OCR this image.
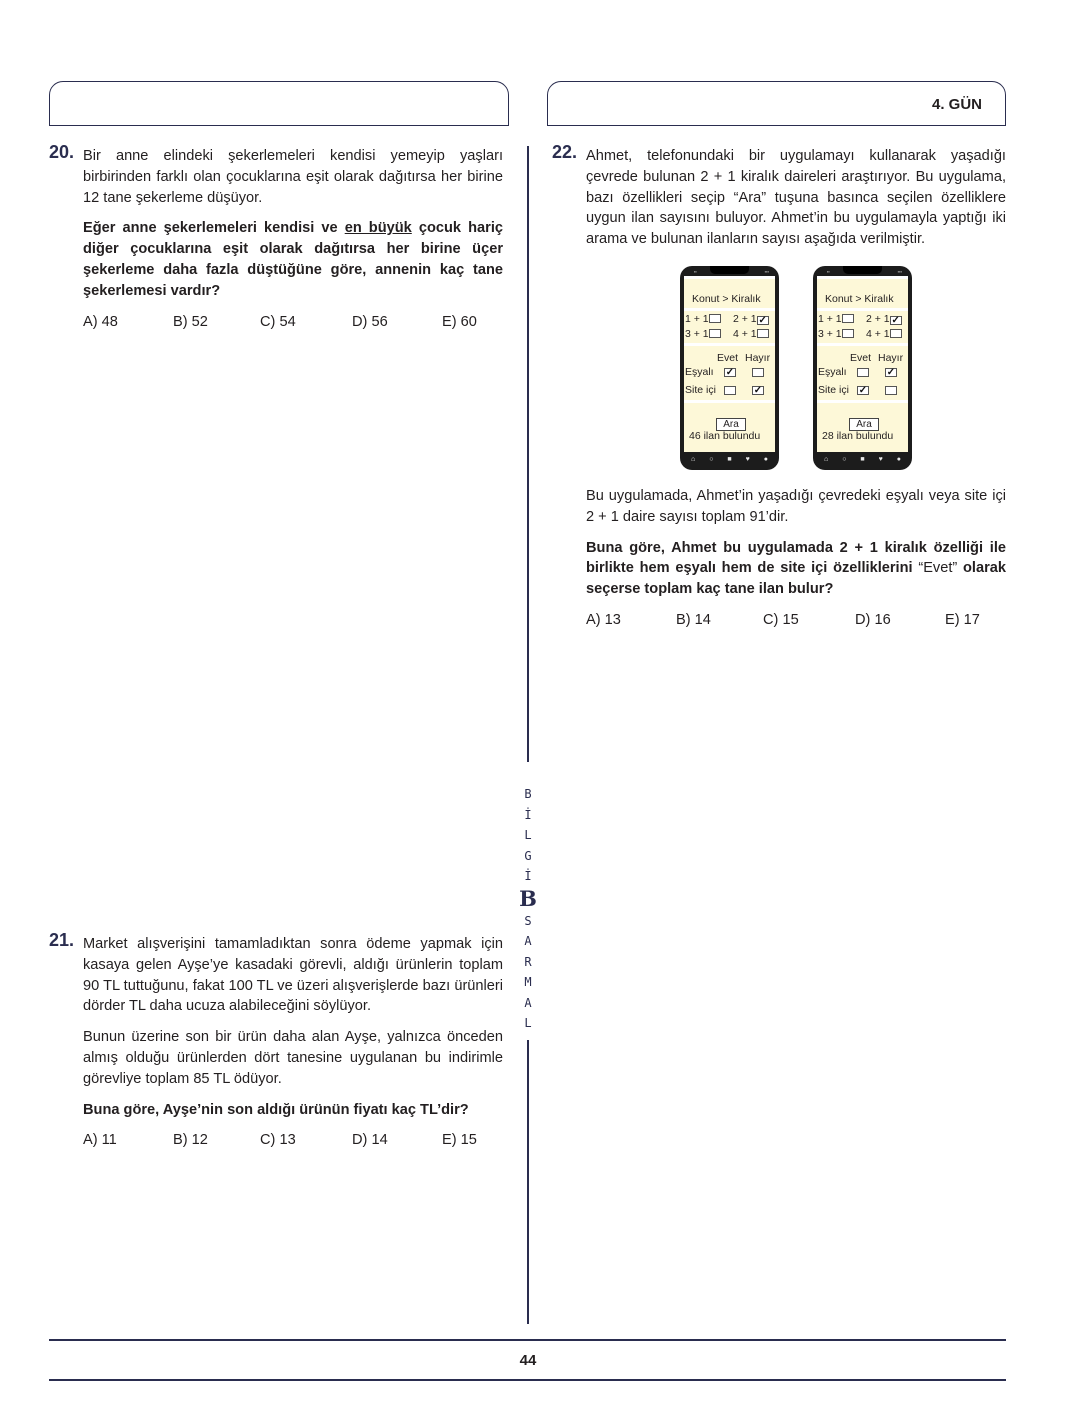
4. GÜN
20. Bir anne elindeki şekerlemeleri kendisi yemeyip yaşları birbirinden farklı olan çocuklarına eşit olarak dağıtırsa her birine 12 tane şekerleme düşüyor.

Eğer anne şekerlemeleri kendisi ve en büyük çocuk hariç diğer çocuklarına eşit olarak dağıtırsa her birine üçer şekerleme daha fazla düştüğüne göre, annenin kaç tane şekerlemesi vardır?

A) 48	B) 52	C) 54	D) 56	E) 60
21. Market alışverişini tamamladıktan sonra ödeme yapmak için kasaya gelen Ayşe’ye kasadaki görevli, aldığı ürünlerin toplam 90 TL tuttuğunu, fakat 100 TL ve üzeri alışverişlerde bazı ürünleri dörder TL daha ucuza alabileceğini söylüyor.

Bunun üzerine son bir ürün daha alan Ayşe, yalnızca önceden almış olduğu ürünlerden dört tanesine uygulanan bu indirimle görevliye toplam 85 TL ödüyor.

Buna göre, Ayşe’nin son aldığı ürünün fiyatı kaç TL’dir?

A) 11	B) 12	C) 13	D) 14	E) 15
22. Ahmet, telefonundaki bir uygulamayı kullanarak yaşadığı çevrede bulunan 2 + 1 kiralık daireleri araştırıyor. Bu uygulama, bazı özellikleri seçip “Ara” tuşuna basınca seçilen özelliklere uygun ilan sayısını buluyor. Ahmet’in bu uygulamayla yaptığı iki arama ve bulunan ilanların sayısı aşağıda verilmiştir.

Bu uygulamada, Ahmet’in yaşadığı çevredeki eşyalı veya site içi 2 + 1 daire sayısı toplam 91’dir.

Buna göre, Ahmet bu uygulamada 2 + 1 kiralık özelliği ile birlikte hem eşyalı hem de site içi özelliklerini “Evet” olarak seçerse toplam kaç tane ilan bulur?

A) 13	B) 14	C) 15	D) 16	E) 17
▪▪	▪▪▪
Konut > Kiralık
1 + 1	2 + 1 ✓
3 + 1	4 + 1
Evet Hayır
Eşyalı ✓
Site içi	✓
Ara
46 ilan bulundu
⌂ ○ ■ ♥ ●
▪▪	▪▪▪
Konut > Kiralık
1 + 1	2 + 1 ✓
3 + 1	4 + 1
Evet Hayır
Eşyalı	✓
Site içi ✓
Ara
28 ilan bulundu
⌂ ○ ■ ♥ ●
B
İ
L
G
İ
B
S
A
R
M
A
L
44
